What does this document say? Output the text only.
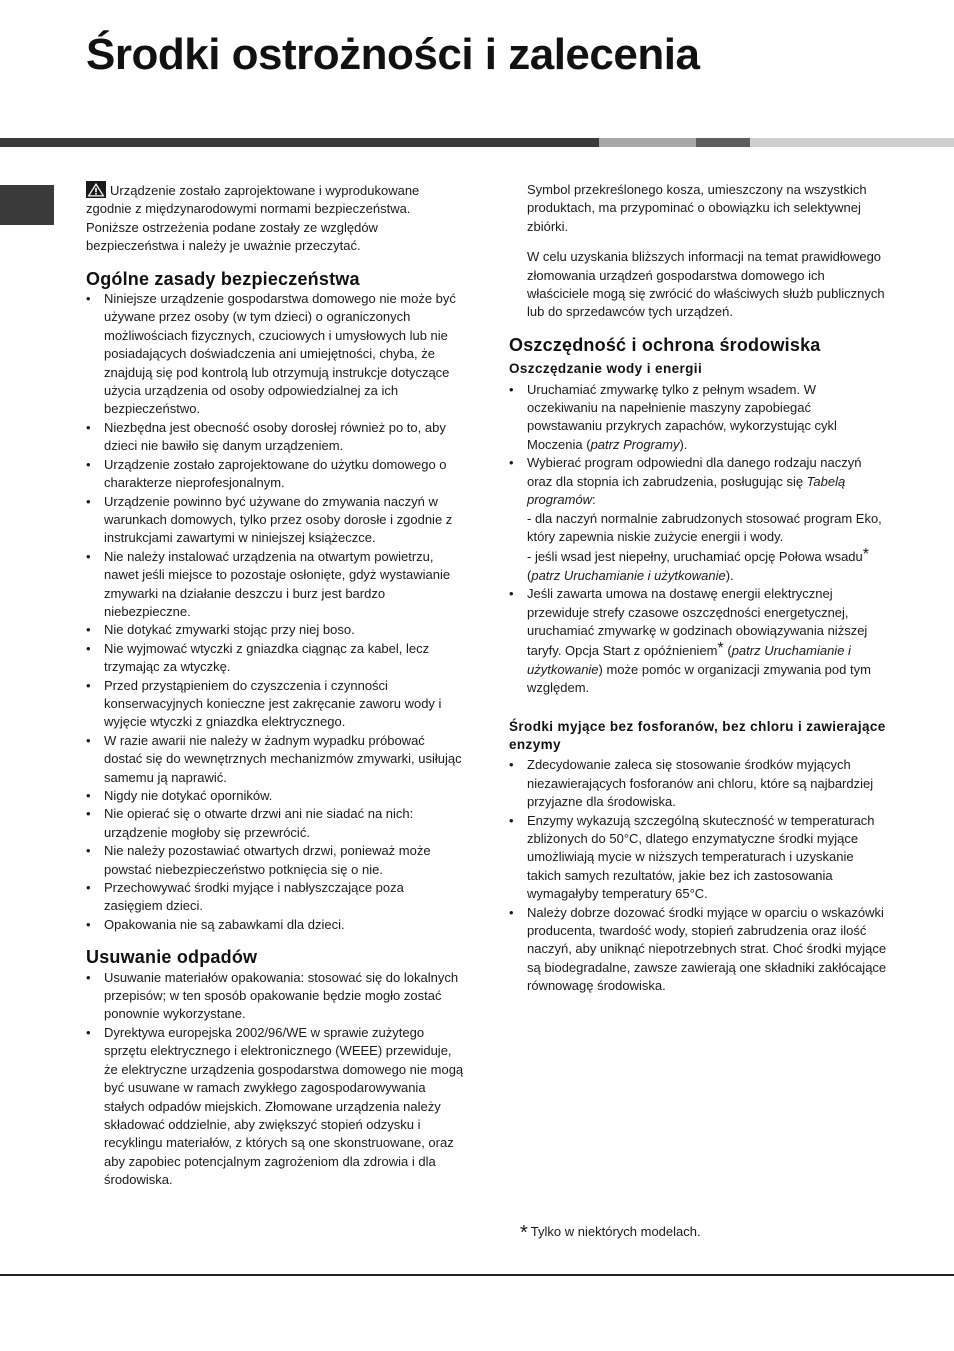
Środki ostrożności i zalecenia

Urządzenie zostało zaprojektowane i wyprodukowane zgodnie z międzynarodowymi normami bezpieczeństwa. Poniższe ostrzeżenia podane zostały ze względów bezpieczeństwa i należy je uważnie przeczytać.

Ogólne zasady bezpieczeństwa
• Niniejsze urządzenie gospodarstwa domowego nie może być używane przez osoby (w tym dzieci) o ograniczonych możliwościach fizycznych, czuciowych i umysłowych lub nie posiadających doświadczenia ani umiejętności, chyba, że znajdują się pod kontrolą lub otrzymują instrukcje dotyczące użycia urządzenia od osoby odpowiedzialnej za ich bezpieczeństwo.
• Niezbędna jest obecność osoby dorosłej również po to, aby dzieci nie bawiło się danym urządzeniem.
• Urządzenie zostało zaprojektowane do użytku domowego o charakterze nieprofesjonalnym.
• Urządzenie powinno być używane do zmywania naczyń w warunkach domowych, tylko przez osoby dorosłe i zgodnie z instrukcjami zawartymi w niniejszej książeczce.
• Nie należy instalować urządzenia na otwartym powietrzu, nawet jeśli miejsce to pozostaje osłonięte, gdyż wystawianie zmywarki na działanie deszczu i burz jest bardzo niebezpieczne.
• Nie dotykać zmywarki stojąc przy niej boso.
• Nie wyjmować wtyczki z gniazdka ciągnąc za kabel, lecz trzymając za wtyczkę.
• Przed przystąpieniem do czyszczenia i czynności konserwacyjnych konieczne jest zakręcanie zaworu wody i wyjęcie wtyczki z gniazdka elektrycznego.
• W razie awarii nie należy w żadnym wypadku próbować dostać się do wewnętrznych mechanizmów zmywarki, usiłując samemu ją naprawić.
• Nigdy nie dotykać oporników.
• Nie opierać się o otwarte drzwi ani nie siadać na nich: urządzenie mogłoby się przewrócić.
• Nie należy pozostawiać otwartych drzwi, ponieważ może powstać niebezpieczeństwo potknięcia się o nie.
• Przechowywać środki myjące i nabłyszczające poza zasięgiem dzieci.
• Opakowania nie są zabawkami dla dzieci.
Usuwanie odpadów
• Usuwanie materiałów opakowania: stosować się do lokalnych przepisów; w ten sposób opakowanie będzie mogło zostać ponownie wykorzystane.
• Dyrektywa europejska 2002/96/WE w sprawie zużytego sprzętu elektrycznego i elektronicznego (WEEE) przewiduje, że elektryczne urządzenia gospodarstwa domowego nie mogą być usuwane w ramach zwykłego zagospodarowywania stałych odpadów miejskich. Złomowane urządzenia należy składować oddzielnie, aby zwiększyć stopień odzysku i recyklingu materiałów, z których są one skonstruowane, oraz aby zapobiec potencjalnym zagrożeniom dla zdrowia i dla środowiska.

Symbol przekreślonego kosza, umieszczony na wszystkich produktach, ma przypominać o obowiązku ich selektywnej zbiórki.

W celu uzyskania bliższych informacji na temat prawidłowego złomowania urządzeń gospodarstwa domowego ich właściciele mogą się zwrócić do właściwych służb publicznych lub do sprzedawców tych urządzeń.

Oszczędność i ochrona środowiska
Oszczędzanie wody i energii
• Uruchamiać zmywarkę tylko z pełnym wsadem. W oczekiwaniu na napełnienie maszyny zapobiegać powstawaniu przykrych zapachów, wykorzystując cykl Moczenia (patrz Programy).
• Wybierać program odpowiedni dla danego rodzaju naczyń oraz dla stopnia ich zabrudzenia, posługując się Tabelą programów:
- dla naczyń normalnie zabrudzonych stosować program Eko, który zapewnia niskie zużycie energii i wody.
- jeśli wsad jest niepełny, uruchamiać opcję Połowa wsadu*
(patrz Uruchamianie i użytkowanie).
• Jeśli zawarta umowa na dostawę energii elektrycznej przewiduje strefy czasowe oszczędności energetycznej, uruchamiać zmywarkę w godzinach obowiązywania niższej taryfy. Opcja Start z opóźnieniem* (patrz Uruchamianie i użytkowanie) może pomóc w organizacji zmywania pod tym względem.
Środki myjące bez fosforanów, bez chloru i zawierające enzymy
• Zdecydowanie zaleca się stosowanie środków myjących niezawierających fosforanów ani chloru, które są najbardziej przyjazne dla środowiska.
• Enzymy wykazują szczególną skuteczność w temperaturach zbliżonych do 50°C, dlatego enzymatyczne środki myjące umożliwiają mycie w niższych temperaturach i uzyskanie takich samych rezultatów, jakie bez ich zastosowania wymagałyby temperatury 65°C.
• Należy dobrze dozować środki myjące w oparciu o wskazówki producenta, twardość wody, stopień zabrudzenia oraz ilość naczyń, aby uniknąć niepotrzebnych strat. Choć środki myjące są biodegradalne, zawsze zawierają one składniki zakłócające równowagę środowiska.
* Tylko w niektórych modelach.
